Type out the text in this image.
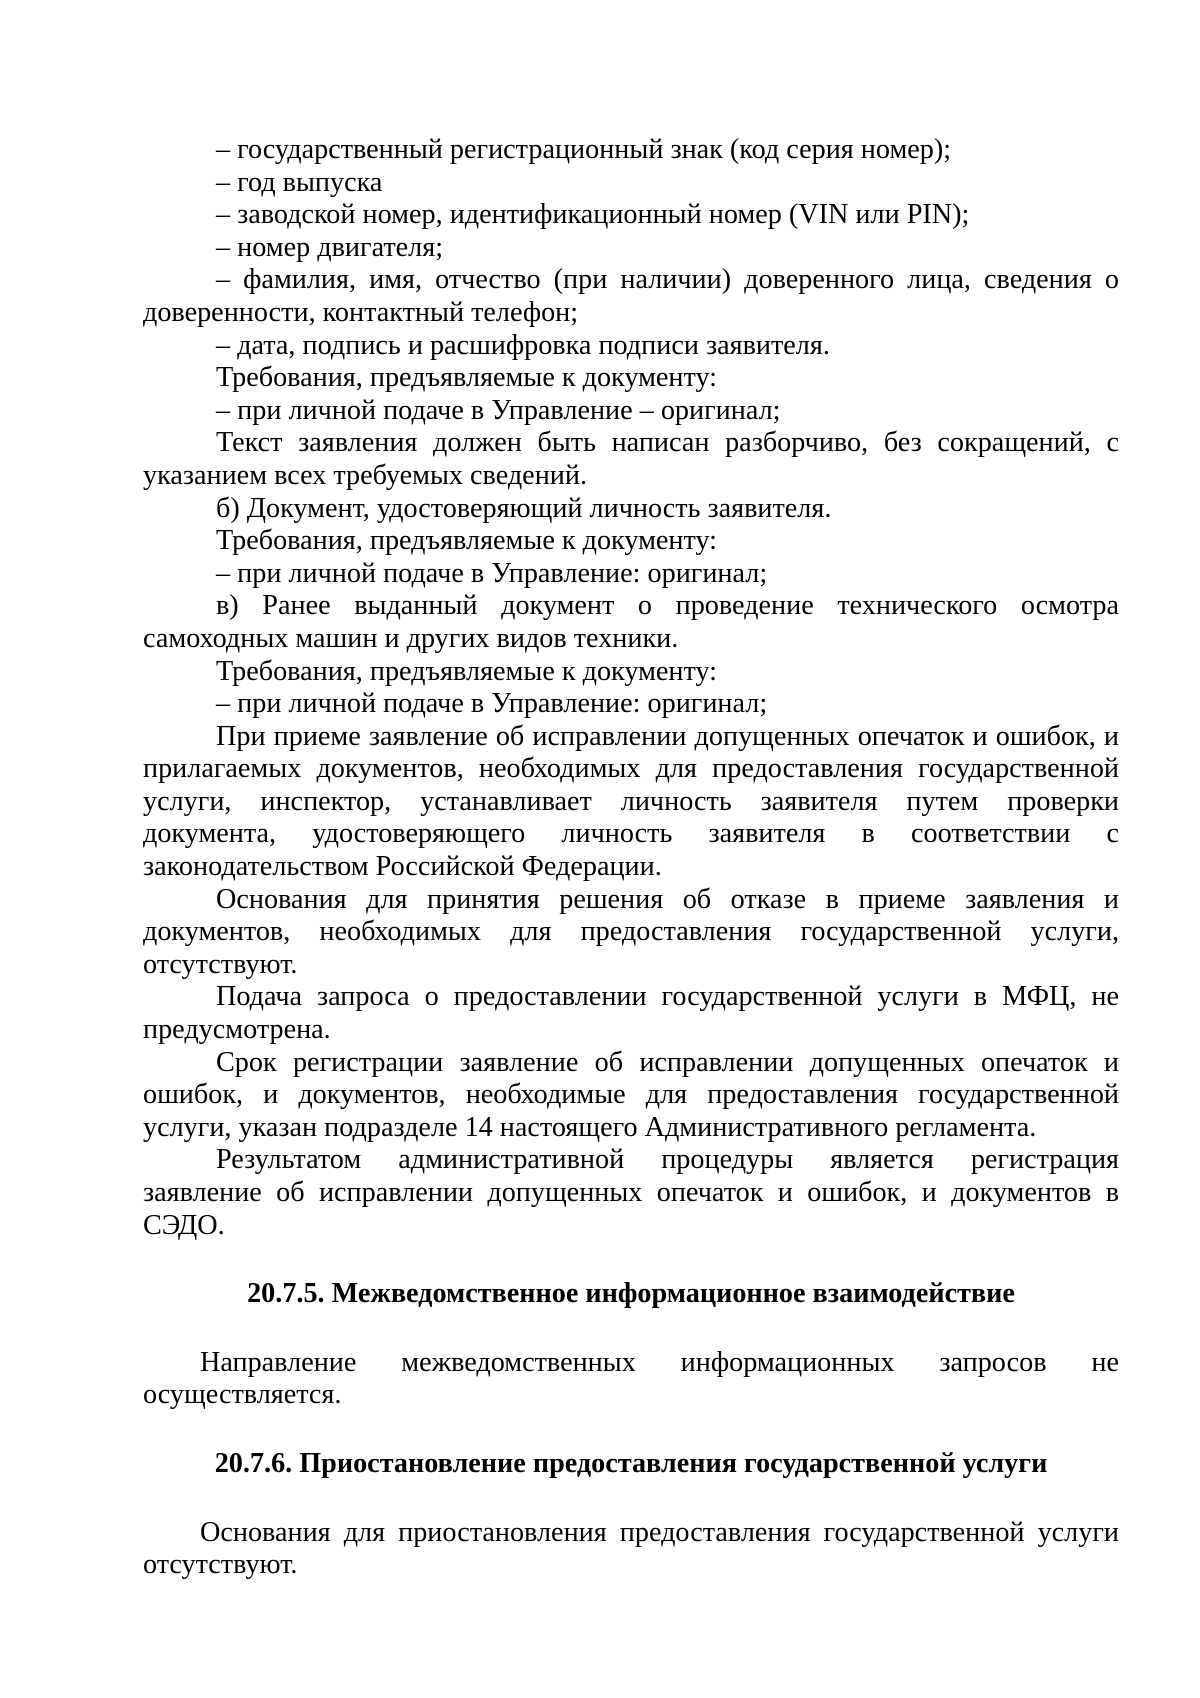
– государственный регистрационный знак (код серия номер);

– год выпуска

– заводской номер, идентификационный номер (VIN или PIN);

– номер двигателя;

– фамилия, имя, отчество (при наличии) доверенного лица, сведения о доверенности, контактный телефон;

– дата, подпись и расшифровка подписи заявителя.

Требования, предъявляемые к документу:

– при личной подаче в Управление – оригинал;

Текст заявления должен быть написан разборчиво, без сокращений, с указанием всех требуемых сведений.

б) Документ, удостоверяющий личность заявителя.

Требования, предъявляемые к документу:

– при личной подаче в Управление: оригинал;

в) Ранее выданный документ о проведение технического осмотра самоходных машин и других видов техники.

Требования, предъявляемые к документу:

– при личной подаче в Управление: оригинал;

При приеме заявление об исправлении допущенных опечаток и ошибок, и прилагаемых документов, необходимых для предоставления государственной услуги, инспектор, устанавливает личность заявителя путем проверки документа, удостоверяющего личность заявителя в соответствии с законодательством Российской Федерации.

Основания для принятия решения об отказе в приеме заявления и документов, необходимых для предоставления государственной услуги, отсутствуют.

Подача запроса о предоставлении государственной услуги в МФЦ, не предусмотрена.

Срок регистрации заявление об исправлении допущенных опечаток и ошибок, и документов, необходимые для предоставления государственной услуги, указан подразделе 14 настоящего Административного регламента.

Результатом административной процедуры является регистрация заявление об исправлении допущенных опечаток и ошибок, и документов в СЭДО.

20.7.5. Межведомственное информационное взаимодействие

Направление межведомственных информационных запросов не осуществляется.

20.7.6. Приостановление предоставления государственной услуги

Основания для приостановления предоставления государственной услуги отсутствуют.
